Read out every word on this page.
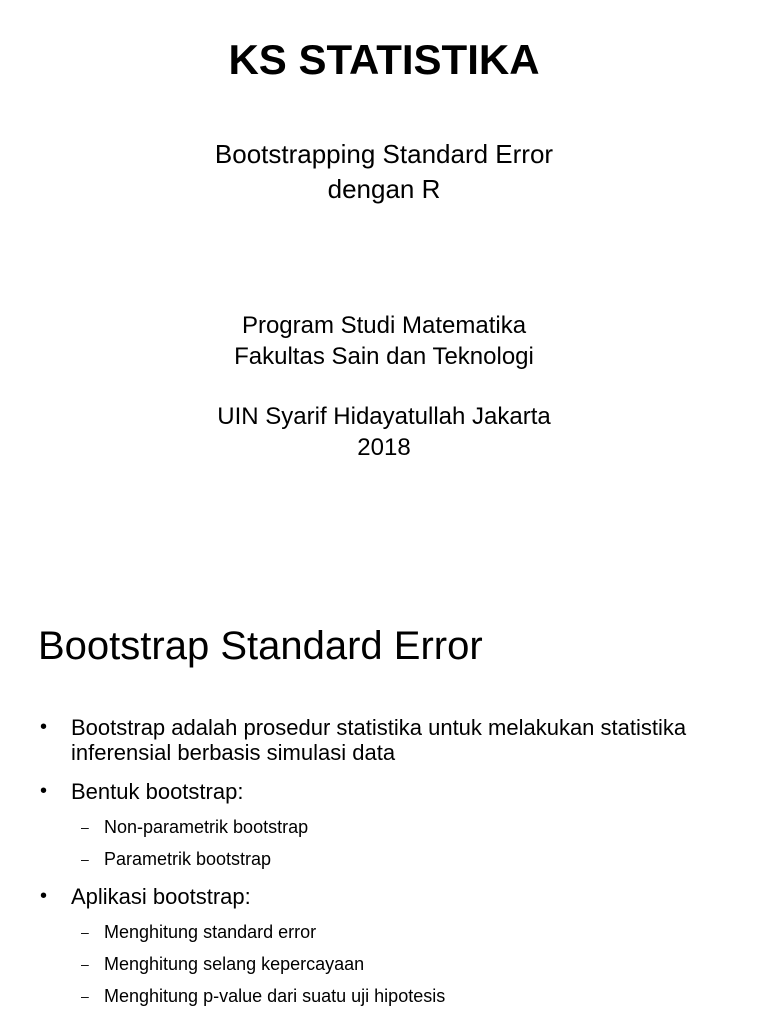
KS STATISTIKA
Bootstrapping Standard Error
dengan R
Program Studi Matematika
Fakultas Sain dan Teknologi
UIN Syarif Hidayatullah Jakarta
2018
Bootstrap Standard Error
• Bootstrap adalah prosedur statistika untuk melakukan statistika inferensial berbasis simulasi data
• Bentuk bootstrap:
– Non-parametrik bootstrap
– Parametrik bootstrap
• Aplikasi bootstrap:
– Menghitung standard error
– Menghitung selang kepercayaan
– Menghitung p-value dari suatu uji hipotesis
